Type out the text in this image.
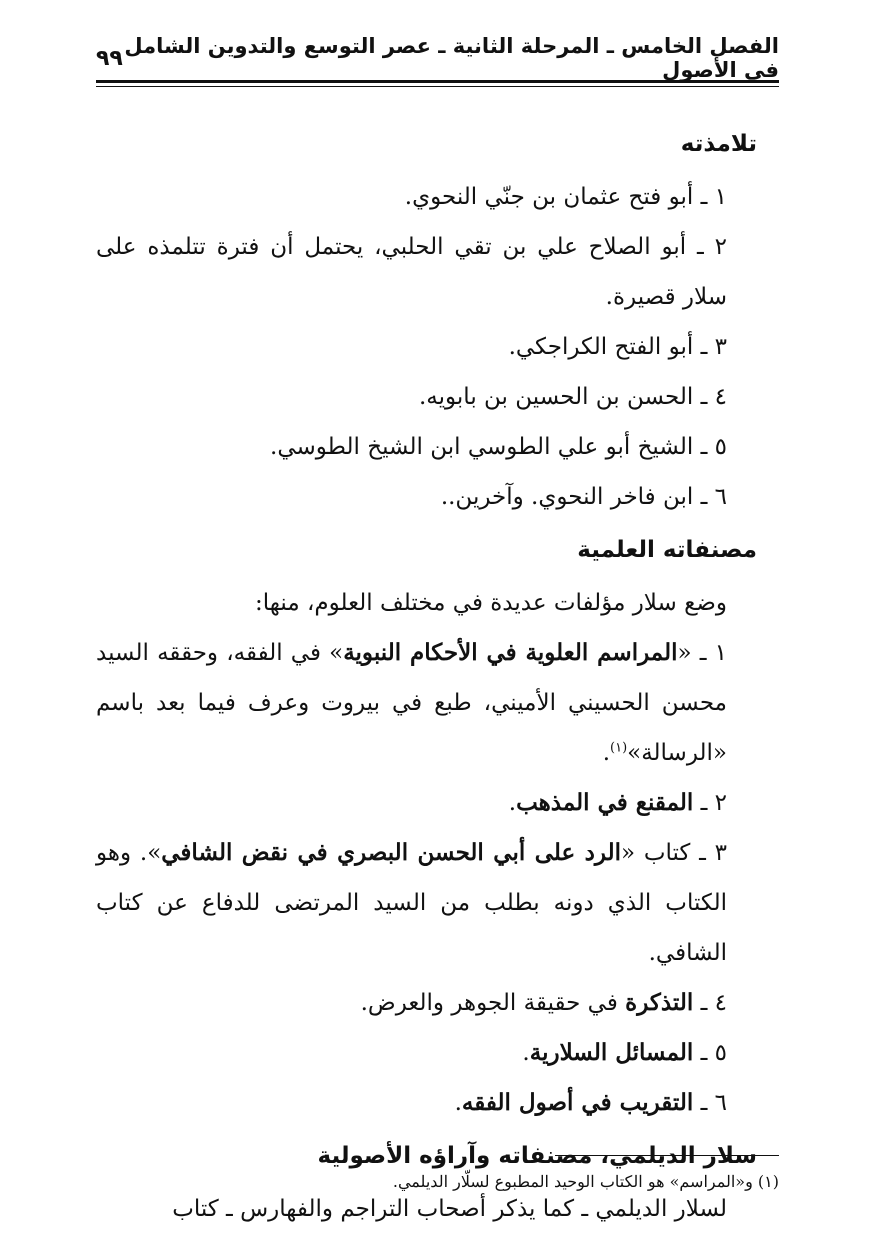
الفصل الخامس ـ المرحلة الثانية ـ عصر التوسع والتدوين الشامل في الأصول
٩٩
تلامذته

١ ـ أبو فتح عثمان بن جنّي النحوي.

٢ ـ أبو الصلاح علي بن تقي الحلبي، يحتمل أن فترة تتلمذه على سلار قصيرة.

٣ ـ أبو الفتح الكراجكي.

٤ ـ الحسن بن الحسين بن بابويه.

٥ ـ الشيخ أبو علي الطوسي ابن الشيخ الطوسي.

٦ ـ ابن فاخر النحوي. وآخرين..

مصنفاته العلمية

وضع سلار مؤلفات عديدة في مختلف العلوم، منها:

١ ـ «المراسم العلوية في الأحكام النبوية» في الفقه، وحققه السيد محسن الحسيني الأميني، طبع في بيروت وعرف فيما بعد باسم «الرسالة»$^{(١)}$.

٢ ـ المقنع في المذهب.

٣ ـ كتاب «الرد على أبي الحسن البصري في نقض الشافي». وهو الكتاب الذي دونه بطلب من السيد المرتضى للدفاع عن كتاب الشافي.

٤ ـ التذكرة في حقيقة الجوهر والعرض.

٥ ـ المسائل السلارية.

٦ ـ التقريب في أصول الفقه.

سلار الديلمي، مصنفاته وآراؤه الأصولية

لسلار الديلمي ـ كما يذكر أصحاب التراجم والفهارس ـ كتاب

(١) و«المراسم» هو الكتاب الوحيد المطبوع لسلّار الديلمي.
